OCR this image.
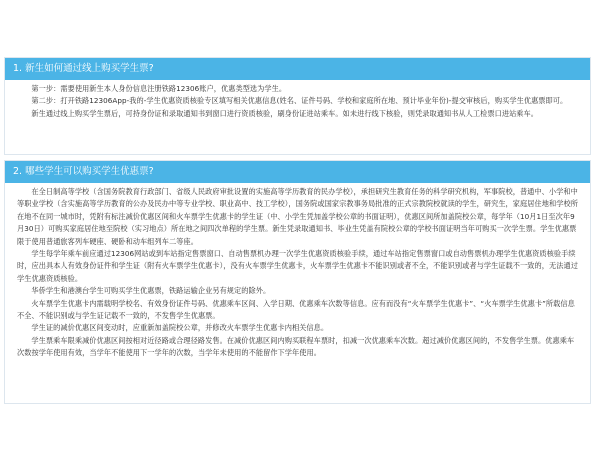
1. 新生如何通过线上购买学生票?

第一步：需要使用新生本人身份信息注册铁路12306账户，优惠类型选为学生。

第二步：打开铁路12306App-我的-学生优惠资质核验专区填写相关优惠信息(姓名、证件号码、学校和家庭所在地、预计毕业年份)-提交审核后，购买学生优惠票即可。

新生通过线上购买学生票后，可持身份证和录取通知书到窗口进行资质核验，刷身份证进站乘车。如未进行线下核验，则凭录取通知书从人工检票口进站乘车。

2. 哪些学生可以购买学生优惠票?

在全日制高等学校（含国务院教育行政部门、省级人民政府审批设置的实施高等学历教育的民办学校），承担研究生教育任务的科学研究机构，军事院校，普通中、小学和中等职业学校（含实施高等学历教育的公办及民办中等专业学校、职业高中、技工学校），国务院或国家宗教事务局批准的正式宗教院校就读的学生，研究生，家庭居住地和学校所在地不在同一城市时，凭附有标注减价优惠区间和火车票学生优惠卡的学生证（中、小学生凭加盖学校公章的书面证明），优惠区间所加盖院校公章，每学年（10月1日至次年9月30日）可购买家庭居住地至院校（实习地点）所在地之间四次单程的学生票。新生凭录取通知书、毕业生凭盖有院校公章的学校书面证明当年可购买一次学生票。学生优惠票限于使用普通旅客列车硬座、硬卧和动车组列车二等座。

学生每学年乘车前应通过12306网站或到车站指定售票窗口、自动售票机办理一次学生优惠资质核验手续，通过车站指定售票窗口或自动售票机办理学生优惠资质核验手续时，应出具本人有效身份证件和学生证（附有火车票学生优惠卡），没有火车票学生优惠卡，火车票学生优惠卡不能识别或者不全，不能识别或者与学生证载不一致的，无法通过学生优惠资质核验。

华侨学生和港澳台学生可购买学生优惠票，铁路运输企业另有规定的除外。

火车票学生优惠卡内需载明学校名、有效身份证件号码、优惠乘车区间、入学日期、优惠乘车次数等信息。应有而没有“火车票学生优惠卡”、“火车票学生优惠卡”所载信息不全、不能识别或与学生证记载不一致的，不发售学生优惠票。

学生证的减价优惠区间变动时，应重新加盖院校公章，并修改火车票学生优惠卡内相关信息。

学生票乘车限乘减价优惠区间按相对近径路或合理径路发售。在减价优惠区间内购买联程车票时，扣减一次优惠乘车次数。超过减价优惠区间的，不发售学生票。优惠乘车次数按学年使用有效，当学年不能使用下一学年的次数，当学年未使用的不能留作下学年使用。
